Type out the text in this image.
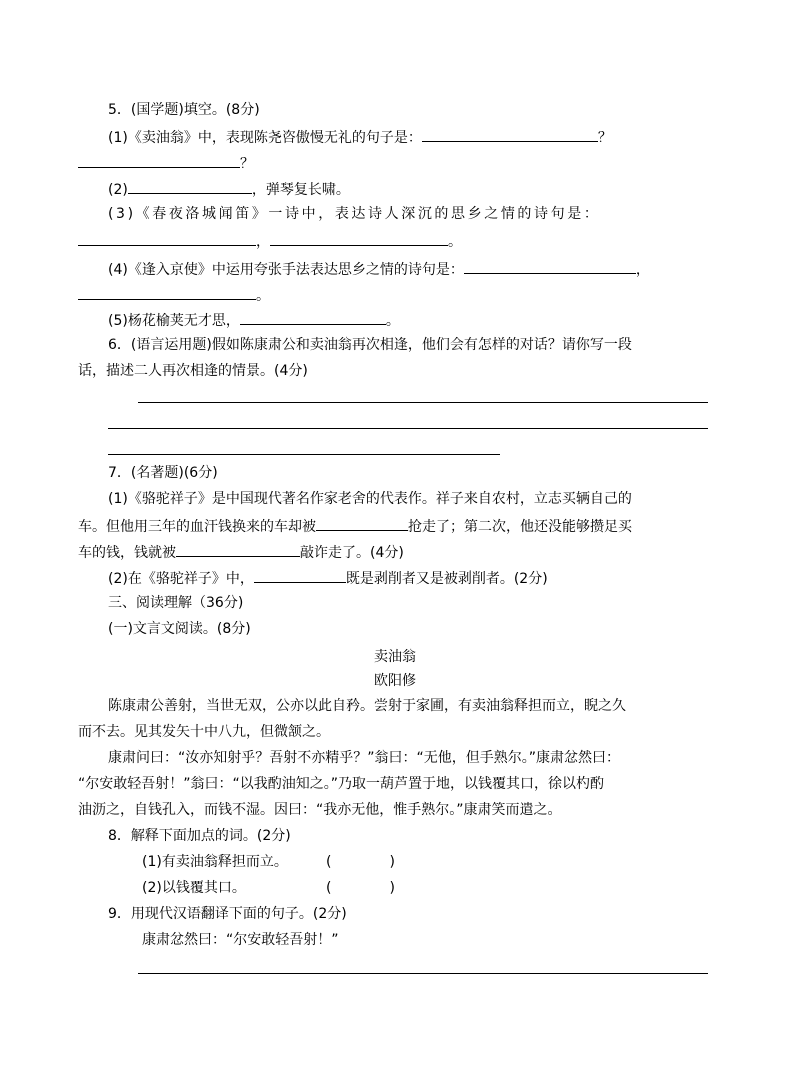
5．(国学题)填空。(8分)
(1)《卖油翁》中，表现陈尧咨傲慢无礼的句子是：	？
？
(2)	，弹琴复长啸。
(3)《春夜洛城闻笛》一诗中，表达诗人深沉的思乡之情的诗句是：
，	。
(4)《逢入京使》中运用夸张手法表达思乡之情的诗句是：	，
。
(5)杨花榆荚无才思，	。
6．(语言运用题)假如陈康肃公和卖油翁再次相逢，他们会有怎样的对话？请你写一段
话，描述二人再次相逢的情景。(4分)
7．(名著题)(6分)
(1)《骆驼祥子》是中国现代著名作家老舍的代表作。祥子来自农村，立志买辆自己的
车。但他用三年的血汗钱换来的车却被	抢走了；第二次，他还没能够攒足买
车的钱，钱就被	敲诈走了。(4分)
(2)在《骆驼祥子》中，	既是剥削者又是被剥削者。(2分)
三、阅读理解（36分)
(一)文言文阅读。(8分)
卖油翁
欧阳修
陈康肃公善射，当世无双，公亦以此自矜。尝射于家圃，有卖油翁释担而立，睨之久
而不去。见其发矢十中八九，但微颔之。
康肃问曰：“汝亦知射乎？吾射不亦精乎？”翁曰：“无他，但手熟尔。”康肃忿然曰：
“尔安敢轻吾射！”翁曰：“以我酌油知之。”乃取一葫芦置于地，以钱覆其口，徐以杓酌
油沥之，自钱孔入，而钱不湿。因曰：“我亦无他，惟手熟尔。”康肃笑而遣之。
8．解释下面加点的词。(2分)
(1)有卖油翁释担而立。	(	)
(2)以钱覆其口。	(	)
9．用现代汉语翻译下面的句子。(2分)
康肃忿然曰：“尔安敢轻吾射！”
